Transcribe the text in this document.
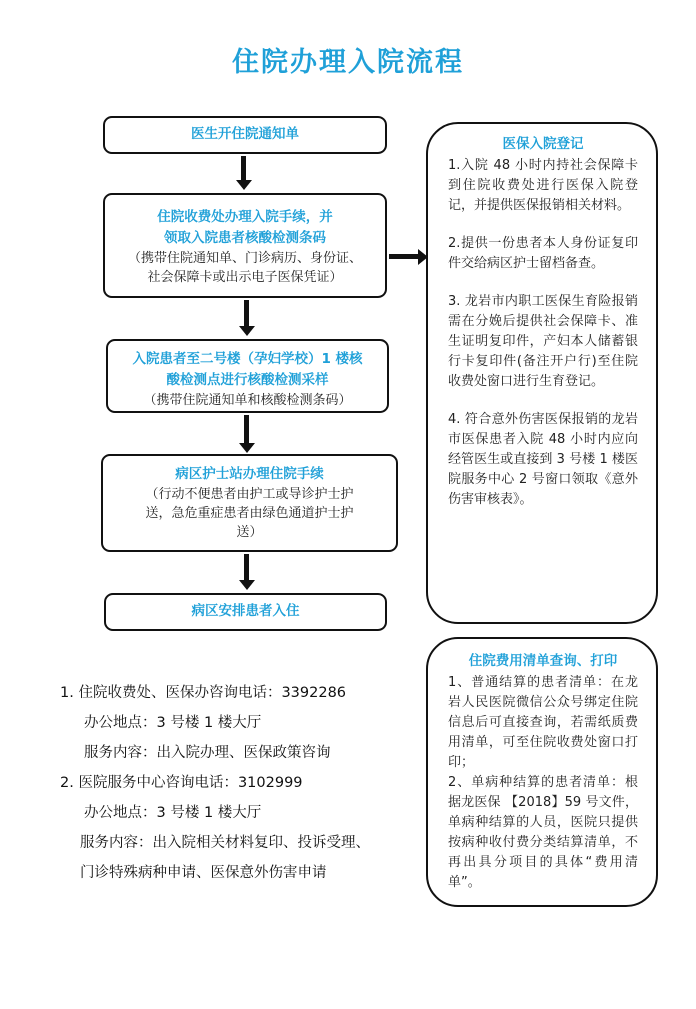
住院办理入院流程
医生开住院通知单
住院收费处办理入院手续，并
领取入院患者核酸检测条码
（携带住院通知单、门诊病历、身份证、
社会保障卡或出示电子医保凭证）
入院患者至二号楼（孕妇学校）1 楼核
酸检测点进行核酸检测采样
（携带住院通知单和核酸检测条码）
病区护士站办理住院手续
（行动不便患者由护工或导诊护士护
送，急危重症患者由绿色通道护士护
送）
病区安排患者入住
医保入院登记

1.入院 48 小时内持社会保障卡到住院收费处进行医保入院登记，并提供医保报销相关材料。

2.提供一份患者本人身份证复印件交给病区护士留档备查。

3. 龙岩市内职工医保生育险报销需在分娩后提供社会保障卡、准生证明复印件，产妇本人储蓄银行卡复印件(备注开户行)至住院收费处窗口进行生育登记。

4. 符合意外伤害医保报销的龙岩市医保患者入院 48 小时内应向经管医生或直接到 3 号楼 1 楼医院服务中心 2 号窗口领取《意外伤害审核表》。

住院费用清单查询、打印

1、普通结算的患者清单：在龙岩人民医院微信公众号绑定住院信息后可直接查询，若需纸质费用清单，可至住院收费处窗口打印；

2、单病种结算的患者清单：根据龙医保 【2018】59 号文件，单病种结算的人员，医院只提供按病种收付费分类结算清单，不再出具分项目的具体“费用清单”。

1. 住院收费处、医保办咨询电话：3392286
办公地点：3 号楼 1 楼大厅
服务内容：出入院办理、医保政策咨询
2. 医院服务中心咨询电话：3102999
办公地点：3 号楼 1 楼大厅
服务内容：出入院相关材料复印、投诉受理、
门诊特殊病种申请、医保意外伤害申请
